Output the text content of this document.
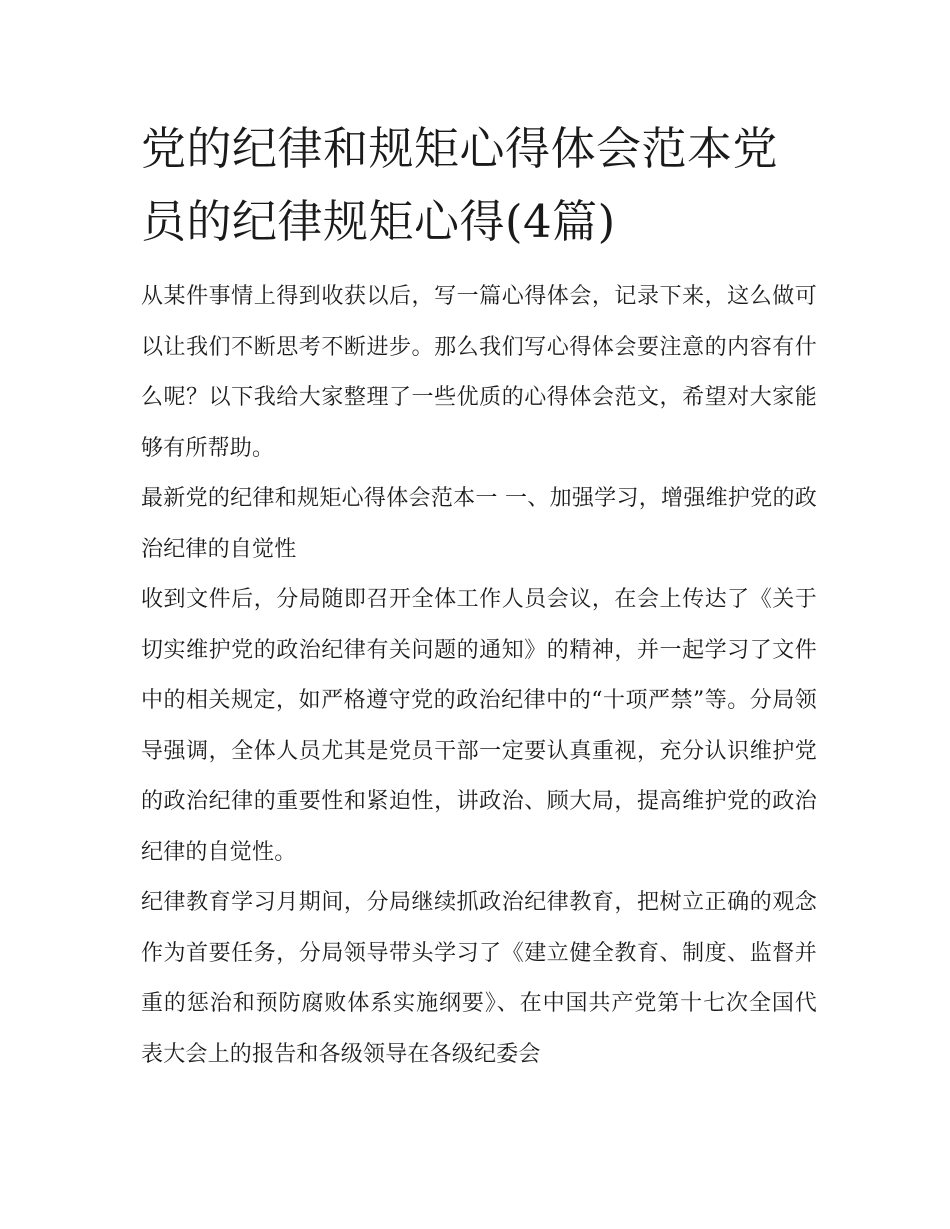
党的纪律和规矩心得体会范本党员的纪律规矩心得(4篇)

从某件事情上得到收获以后，写一篇心得体会，记录下来，这么做可以让我们不断思考不断进步。那么我们写心得体会要注意的内容有什么呢？以下我给大家整理了一些优质的心得体会范文，希望对大家能够有所帮助。

最新党的纪律和规矩心得体会范本一 一、加强学习，增强维护党的政治纪律的自觉性

收到文件后，分局随即召开全体工作人员会议，在会上传达了《关于切实维护党的政治纪律有关问题的通知》的精神，并一起学习了文件中的相关规定，如严格遵守党的政治纪律中的“十项严禁”等。分局领导强调，全体人员尤其是党员干部一定要认真重视，充分认识维护党的政治纪律的重要性和紧迫性，讲政治、顾大局，提高维护党的政治纪律的自觉性。

纪律教育学习月期间，分局继续抓政治纪律教育，把树立正确的观念作为首要任务，分局领导带头学习了《建立健全教育、制度、监督并重的惩治和预防腐败体系实施纲要》、在中国共产党第十七次全国代表大会上的报告和各级领导在各级纪委会
